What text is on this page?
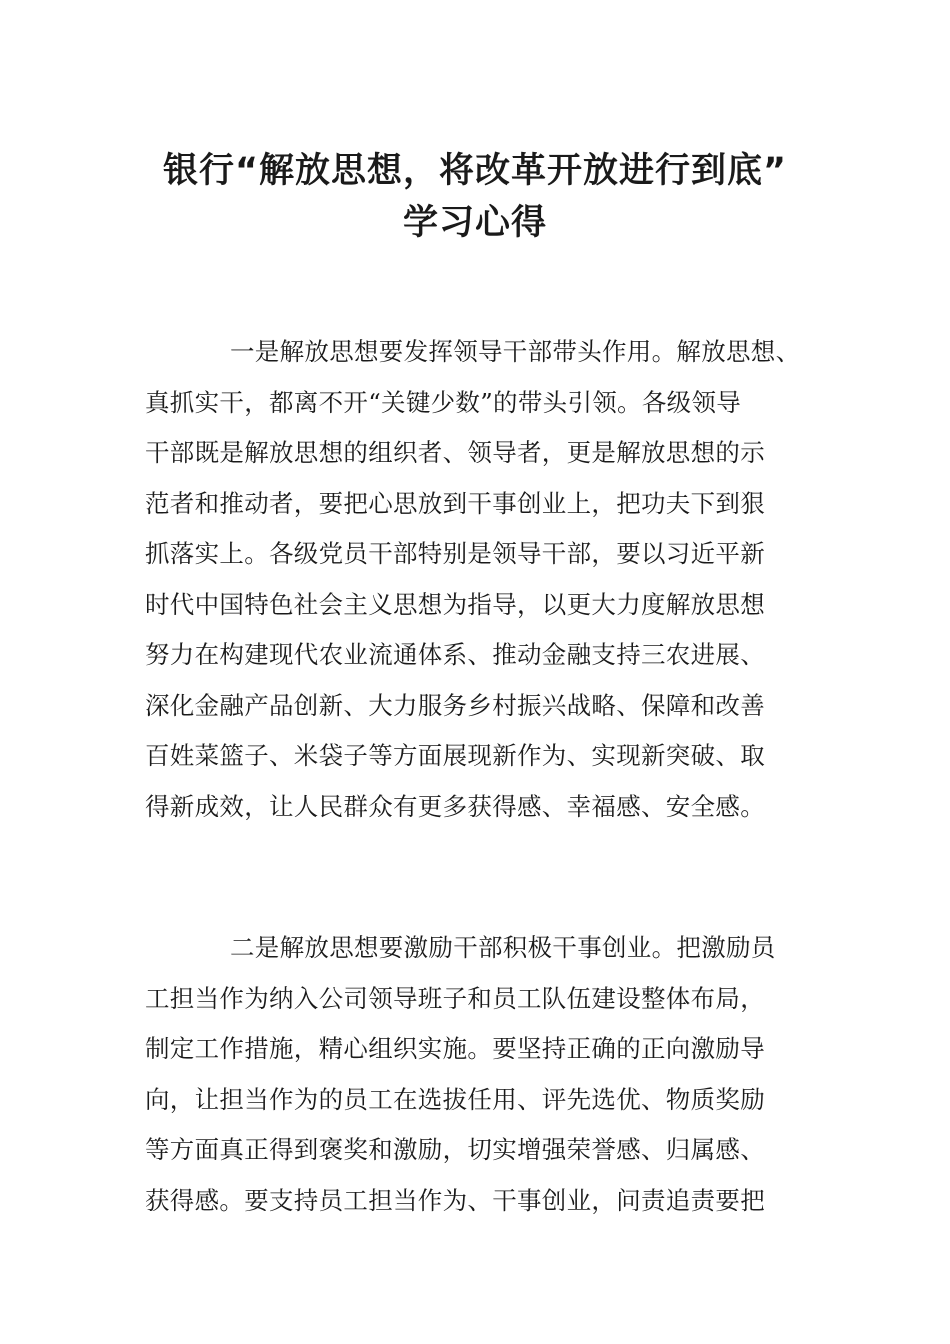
银行“解放思想，将改革开放进行到底”
学习心得
一是解放思想要发挥领导干部带头作用。解放思想、
真抓实干，都离不开“关键少数”的带头引领。各级领导
干部既是解放思想的组织者、领导者，更是解放思想的示
范者和推动者，要把心思放到干事创业上，把功夫下到狠
抓落实上。各级党员干部特别是领导干部，要以习近平新
时代中国特色社会主义思想为指导，以更大力度解放思想
努力在构建现代农业流通体系、推动金融支持三农进展、
深化金融产品创新、大力服务乡村振兴战略、保障和改善
百姓菜篮子、米袋子等方面展现新作为、实现新突破、取
得新成效，让人民群众有更多获得感、幸福感、安全感。
二是解放思想要激励干部积极干事创业。把激励员
工担当作为纳入公司领导班子和员工队伍建设整体布局，
制定工作措施，精心组织实施。要坚持正确的正向激励导
向，让担当作为的员工在选拔任用、评先选优、物质奖励
等方面真正得到褒奖和激励，切实增强荣誉感、归属感、
获得感。要支持员工担当作为、干事创业，问责追责要把
